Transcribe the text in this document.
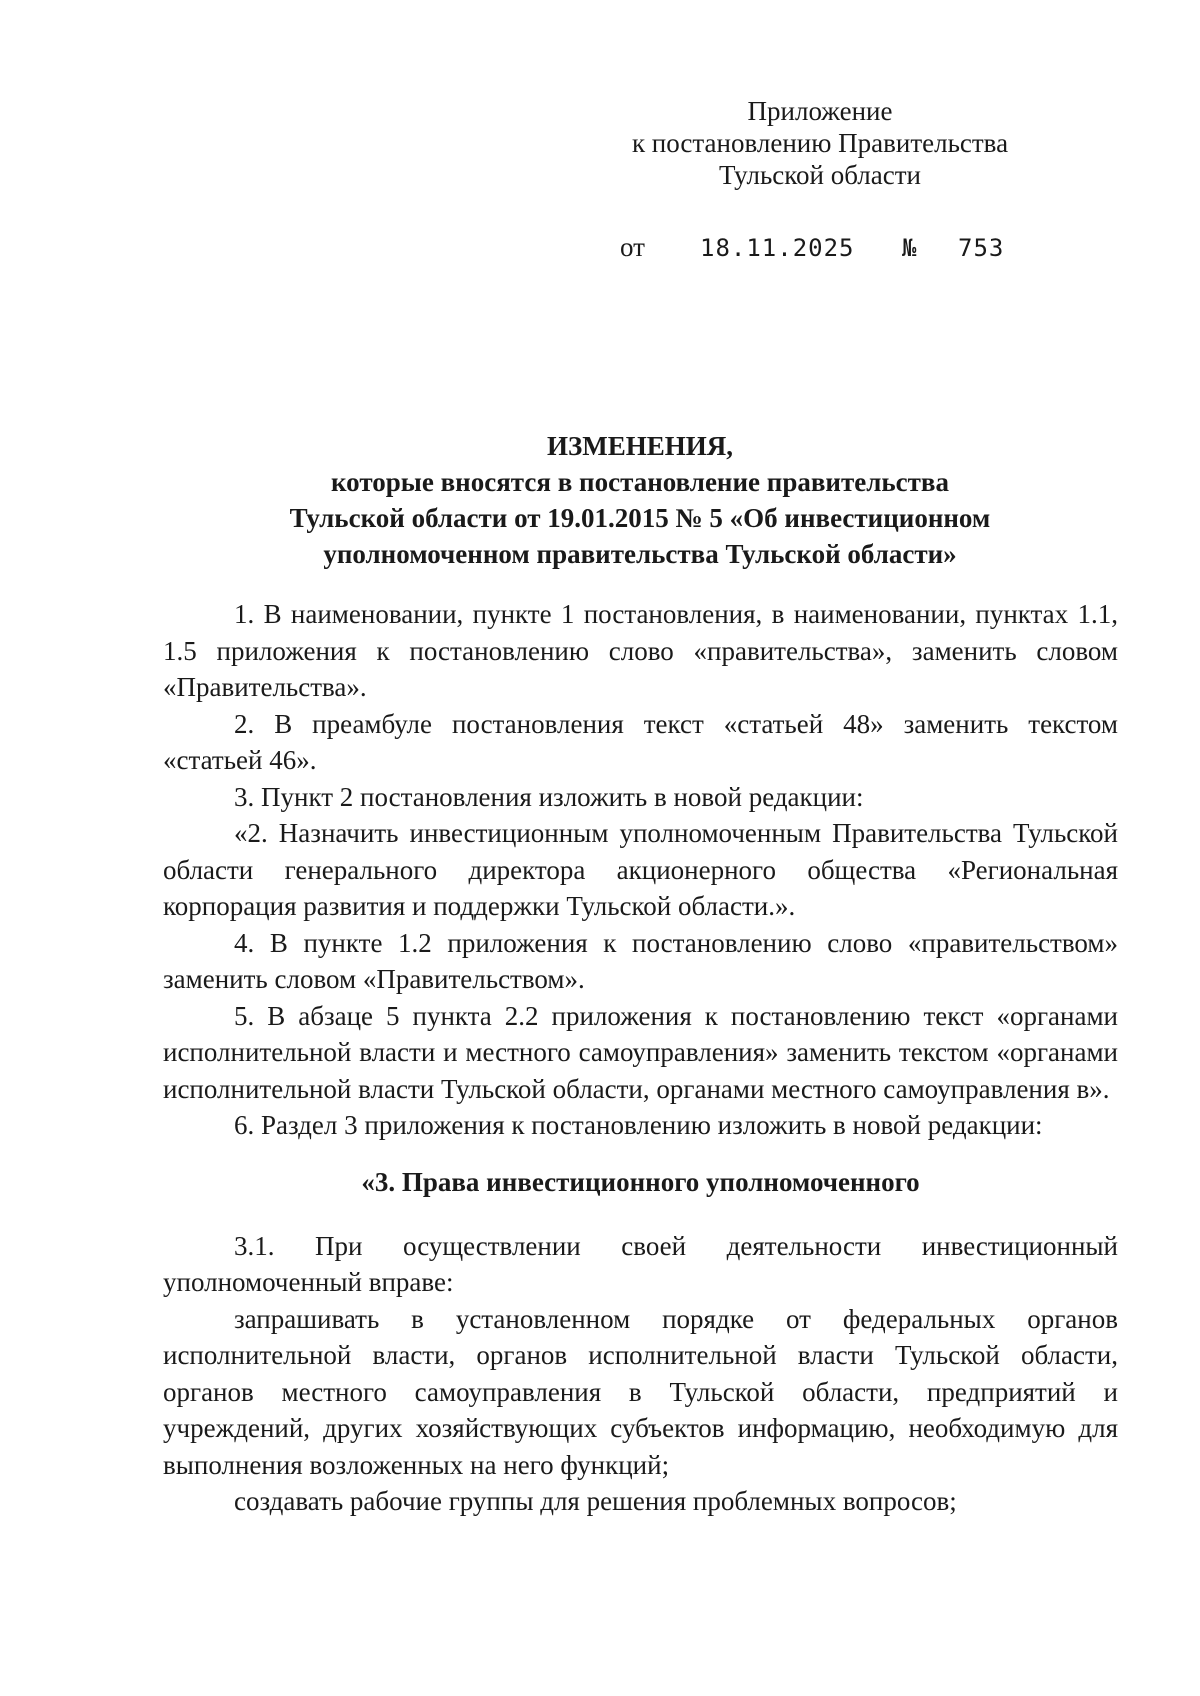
Приложение
к постановлению Правительства
Тульской области
от 18.11.2025 № 753
ИЗМЕНЕНИЯ,
которые вносятся в постановление правительства
Тульской области от 19.01.2015 № 5 «Об инвестиционном
уполномоченном правительства Тульской области»

1. В наименовании, пункте 1 постановления, в наименовании, пунктах 1.1, 1.5 приложения к постановлению слово «правительства», заменить словом «Правительства».

2. В преамбуле постановления текст «статьей 48» заменить текстом «статьей 46».

3. Пункт 2 постановления изложить в новой редакции:

«2. Назначить инвестиционным уполномоченным Правительства Тульской области генерального директора акционерного общества «Региональная корпорация развития и поддержки Тульской области.».

4. В пункте 1.2 приложения к постановлению слово «правительством» заменить словом «Правительством».

5. В абзаце 5 пункта 2.2 приложения к постановлению текст «органами исполнительной власти и местного самоуправления» заменить текстом «органами исполнительной власти Тульской области, органами местного самоуправления в».

6. Раздел 3 приложения к постановлению изложить в новой редакции:

«3. Права инвестиционного уполномоченного

3.1. При осуществлении своей деятельности инвестиционный уполномоченный вправе:

запрашивать в установленном порядке от федеральных органов исполнительной власти, органов исполнительной власти Тульской области, органов местного самоуправления в Тульской области, предприятий и учреждений, других хозяйствующих субъектов информацию, необходимую для выполнения возложенных на него функций;

создавать рабочие группы для решения проблемных вопросов;
